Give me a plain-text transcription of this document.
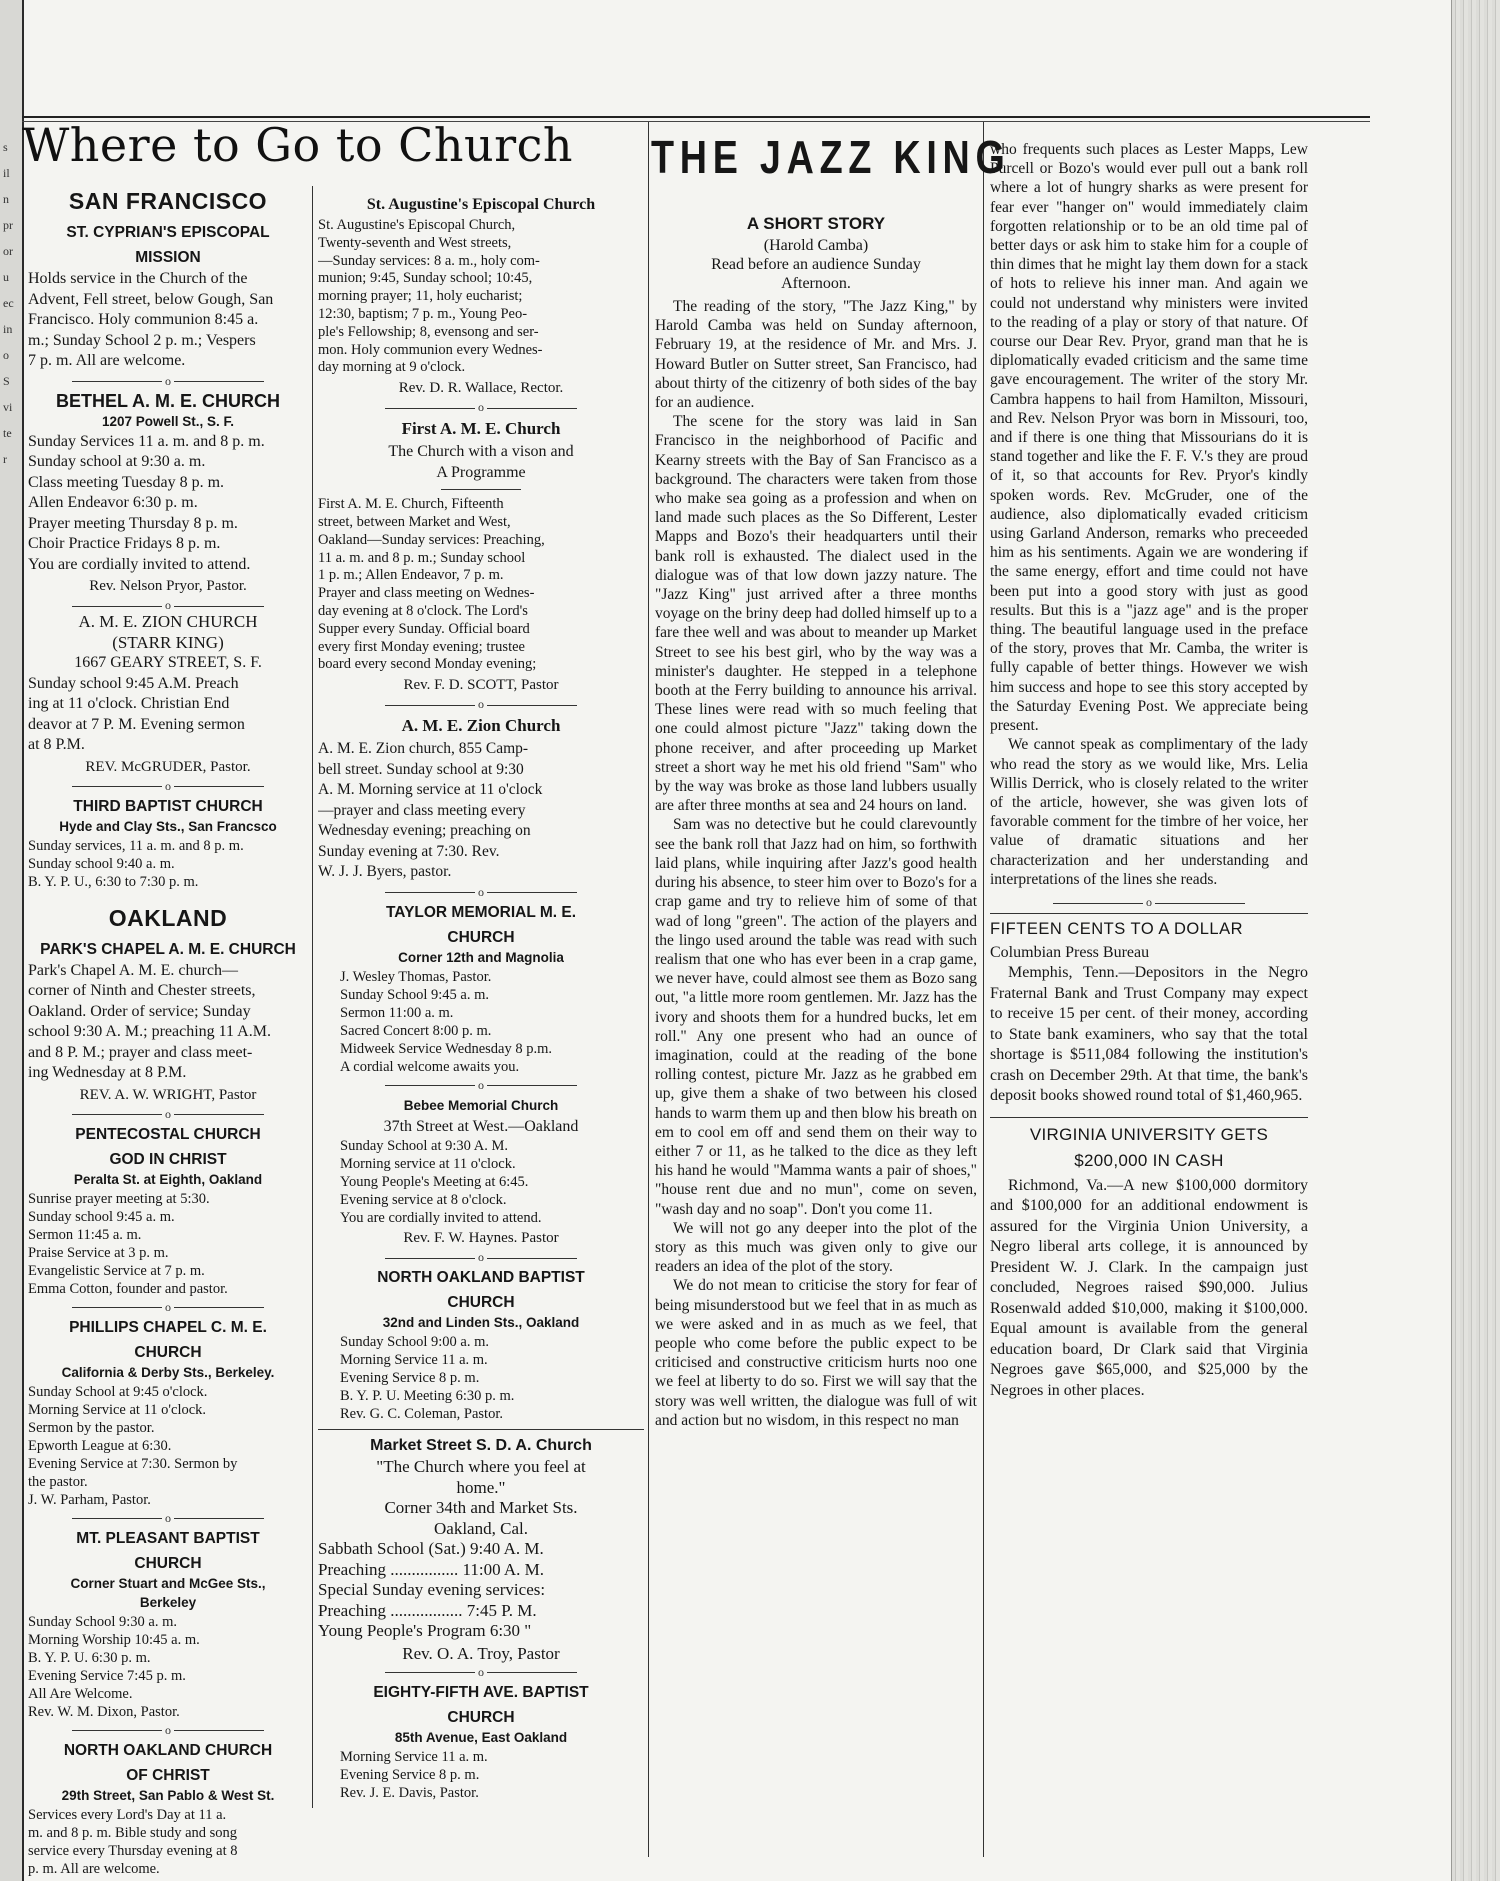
s
il
n
pr
or
u
ec
in
o
S
vi
te
r
Where to Go to Church
SAN FRANCISCO
ST. CYPRIAN'S EPISCOPAL
MISSION
Holds service in the Church of the
Advent, Fell street, below Gough, San
Francisco. Holy communion 8:45 a.
m.; Sunday School 2 p. m.; Vespers
7 p. m. All are welcome.
o
BETHEL A. M. E. CHURCH
1207 Powell St., S. F.
Sunday Services 11 a. m. and 8 p. m.
Sunday school at 9:30 a. m.
Class meeting Tuesday 8 p. m.
Allen Endeavor 6:30 p. m.
Prayer meeting Thursday 8 p. m.
Choir Practice Fridays 8 p. m.
You are cordially invited to attend.
Rev. Nelson Pryor, Pastor.
o
A. M. E. ZION CHURCH
(STARR KING)
1667 GEARY STREET, S. F.
Sunday school 9:45 A.M. Preach
ing at 11 o'clock. Christian End
deavor at 7 P. M. Evening sermon
at 8 P.M.
REV. McGRUDER, Pastor.
o
THIRD BAPTIST CHURCH
Hyde and Clay Sts., San Francsco
Sunday services, 11 a. m. and 8 p. m.
Sunday school 9:40 a. m.
B. Y. P. U., 6:30 to 7:30 p. m.
OAKLAND
PARK'S CHAPEL A. M. E. CHURCH
Park's Chapel A. M. E. church—
corner of Ninth and Chester streets,
Oakland. Order of service; Sunday
school 9:30 A. M.; preaching 11 A.M.
and 8 P. M.; prayer and class meet-
ing Wednesday at 8 P.M.
REV. A. W. WRIGHT, Pastor
o
PENTECOSTAL CHURCH
GOD IN CHRIST
Peralta St. at Eighth, Oakland
Sunrise prayer meeting at 5:30.
Sunday school 9:45 a. m.
Sermon 11:45 a. m.
Praise Service at 3 p. m.
Evangelistic Service at 7 p. m.
Emma Cotton, founder and pastor.
o
PHILLIPS CHAPEL C. M. E.
CHURCH
California & Derby Sts., Berkeley.
Sunday School at 9:45 o'clock.
Morning Service at 11 o'clock.
Sermon by the pastor.
Epworth League at 6:30.
Evening Service at 7:30. Sermon by
the pastor.
J. W. Parham, Pastor.
o
MT. PLEASANT BAPTIST
CHURCH
Corner Stuart and McGee Sts.,
Berkeley
Sunday School 9:30 a. m.
Morning Worship 10:45 a. m.
B. Y. P. U. 6:30 p. m.
Evening Service 7:45 p. m.
All Are Welcome.
Rev. W. M. Dixon, Pastor.
o
NORTH OAKLAND CHURCH
OF CHRIST
29th Street, San Pablo & West St.
Services every Lord's Day at 11 a.
m. and 8 p. m. Bible study and song
service every Thursday evening at 8
p. m. All are welcome.
St. Augustine's Episcopal Church
St. Augustine's Episcopal Church,
Twenty-seventh and West streets,
—Sunday services: 8 a. m., holy com-
munion; 9:45, Sunday school; 10:45,
morning prayer; 11, holy eucharist;
12:30, baptism; 7 p. m., Young Peo-
ple's Fellowship; 8, evensong and ser-
mon. Holy communion every Wednes-
day morning at 9 o'clock.
Rev. D. R. Wallace, Rector.
o
First A. M. E. Church
The Church with a vison and
A Programme
First A. M. E. Church, Fifteenth
street, between Market and West,
Oakland—Sunday services: Preaching,
11 a. m. and 8 p. m.; Sunday school
1 p. m.; Allen Endeavor, 7 p. m.
Prayer and class meeting on Wednes-
day evening at 8 o'clock. The Lord's
Supper every Sunday. Official board
every first Monday evening; trustee
board every second Monday evening;
Rev. F. D. SCOTT, Pastor
o
A. M. E. Zion Church
A. M. E. Zion church, 855 Camp-
bell street. Sunday school at 9:30
A. M. Morning service at 11 o'clock
—prayer and class meeting every
Wednesday evening; preaching on
Sunday evening at 7:30. Rev.
W. J. J. Byers, pastor.
o
TAYLOR MEMORIAL M. E.
CHURCH
Corner 12th and Magnolia
J. Wesley Thomas, Pastor.
Sunday School 9:45 a. m.
Sermon 11:00 a. m.
Sacred Concert 8:00 p. m.
Midweek Service Wednesday 8 p.m.
A cordial welcome awaits you.
o
Bebee Memorial Church
37th Street at West.—Oakland
Sunday School at 9:30 A. M.
Morning service at 11 o'clock.
Young People's Meeting at 6:45.
Evening service at 8 o'clock.
You are cordially invited to attend.
Rev. F. W. Haynes. Pastor
o
NORTH OAKLAND BAPTIST
CHURCH
32nd and Linden Sts., Oakland
Sunday School 9:00 a. m.
Morning Service 11 a. m.
Evening Service 8 p. m.
B. Y. P. U. Meeting 6:30 p. m.
Rev. G. C. Coleman, Pastor.
Market Street S. D. A. Church
"The Church where you feel at
home."
Corner 34th and Market Sts.
Oakland, Cal.
Sabbath School (Sat.) 9:40 A. M.
Preaching ................ 11:00 A. M.
Special Sunday evening services:
Preaching ................. 7:45 P. M.
Young People's Program 6:30 "
Rev. O. A. Troy, Pastor
o
EIGHTY-FIFTH AVE. BAPTIST
CHURCH
85th Avenue, East Oakland
Morning Service 11 a. m.
Evening Service 8 p. m.
Rev. J. E. Davis, Pastor.
THE JAZZ KING
A SHORT STORY
(Harold Camba)
Read before an audience Sunday
Afternoon.

The reading of the story, "The Jazz King," by Harold Camba was held on Sunday afternoon, February 19, at the residence of Mr. and Mrs. J. Howard Butler on Sutter street, San Francisco, had about thirty of the citizenry of both sides of the bay for an audience.

The scene for the story was laid in San Francisco in the neighborhood of Pacific and Kearny streets with the Bay of San Francisco as a background. The characters were taken from those who make sea going as a profession and when on land made such places as the So Different, Lester Mapps and Bozo's their headquarters until their bank roll is exhausted. The dialect used in the dialogue was of that low down jazzy nature. The "Jazz King" just arrived after a three months voyage on the briny deep had dolled himself up to a fare thee well and was about to meander up Market Street to see his best girl, who by the way was a minister's daughter. He stepped in a telephone booth at the Ferry building to announce his arrival. These lines were read with so much feeling that one could almost picture "Jazz" taking down the phone receiver, and after proceeding up Market street a short way he met his old friend "Sam" who by the way was broke as those land lubbers usually are after three months at sea and 24 hours on land.

Sam was no detective but he could clarevountly see the bank roll that Jazz had on him, so forthwith laid plans, while inquiring after Jazz's good health during his absence, to steer him over to Bozo's for a crap game and try to relieve him of some of that wad of long "green". The action of the players and the lingo used around the table was read with such realism that one who has ever been in a crap game, we never have, could almost see them as Bozo sang out, "a little more room gentlemen. Mr. Jazz has the ivory and shoots them for a hundred bucks, let em roll." Any one present who had an ounce of imagination, could at the reading of the bone rolling contest, picture Mr. Jazz as he grabbed em up, give them a shake of two between his closed hands to warm them up and then blow his breath on em to cool em off and send them on their way to either 7 or 11, as he talked to the dice as they left his hand he would "Mamma wants a pair of shoes," "house rent due and no mun", come on seven, "wash day and no soap". Don't you come 11.

We will not go any deeper into the plot of the story as this much was given only to give our readers an idea of the plot of the story.

We do not mean to criticise the story for fear of being misunderstood but we feel that in as much as we were asked and in as much as we feel, that people who come before the public expect to be criticised and constructive criticism hurts noo one we feel at liberty to do so. First we will say that the story was well written, the dialogue was full of wit and action but no wisdom, in this respect no man

who frequents such places as Lester Mapps, Lew Purcell or Bozo's would ever pull out a bank roll where a lot of hungry sharks as were present for fear ever "hanger on" would immediately claim forgotten relationship or to be an old time pal of better days or ask him to stake him for a couple of thin dimes that he might lay them down for a stack of hots to relieve his inner man. And again we could not understand why ministers were invited to the reading of a play or story of that nature. Of course our Dear Rev. Pryor, grand man that he is diplomatically evaded criticism and the same time gave encouragement. The writer of the story Mr. Cambra happens to hail from Hamilton, Missouri, and Rev. Nelson Pryor was born in Missouri, too, and if there is one thing that Missourians do it is stand together and like the F. F. V.'s they are proud of it, so that accounts for Rev. Pryor's kindly spoken words. Rev. McGruder, one of the audience, also diplomatically evaded criticism using Garland Anderson, remarks who preceeded him as his sentiments. Again we are wondering if the same energy, effort and time could not have been put into a good story with just as good results. But this is a "jazz age" and is the proper thing. The beautiful language used in the preface of the story, proves that Mr. Camba, the writer is fully capable of better things. However we wish him success and hope to see this story accepted by the Saturday Evening Post. We appreciate being present.

We cannot speak as complimentary of the lady who read the story as we would like, Mrs. Lelia Willis Derrick, who is closely related to the writer of the article, however, she was given lots of favorable comment for the timbre of her voice, her value of dramatic situations and her characterization and her understanding and interpretations of the lines she reads.

o
FIFTEEN CENTS TO A DOLLAR
Columbian Press Bureau

Memphis, Tenn.—Depositors in the Negro Fraternal Bank and Trust Company may expect to receive 15 per cent. of their money, according to State bank examiners, who say that the total shortage is $511,084 following the institution's crash on December 29th. At that time, the bank's deposit books showed round total of $1,460,965.

VIRGINIA UNIVERSITY GETS
$200,000 IN CASH

Richmond, Va.—A new $100,000 dormitory and $100,000 for an additional endowment is assured for the Virginia Union University, a Negro liberal arts college, it is announced by President W. J. Clark. In the campaign just concluded, Negroes raised $90,000. Julius Rosenwald added $10,000, making it $100,000. Equal amount is available from the general education board, Dr Clark said that Virginia Negroes gave $65,000, and $25,000 by the Negroes in other places.
